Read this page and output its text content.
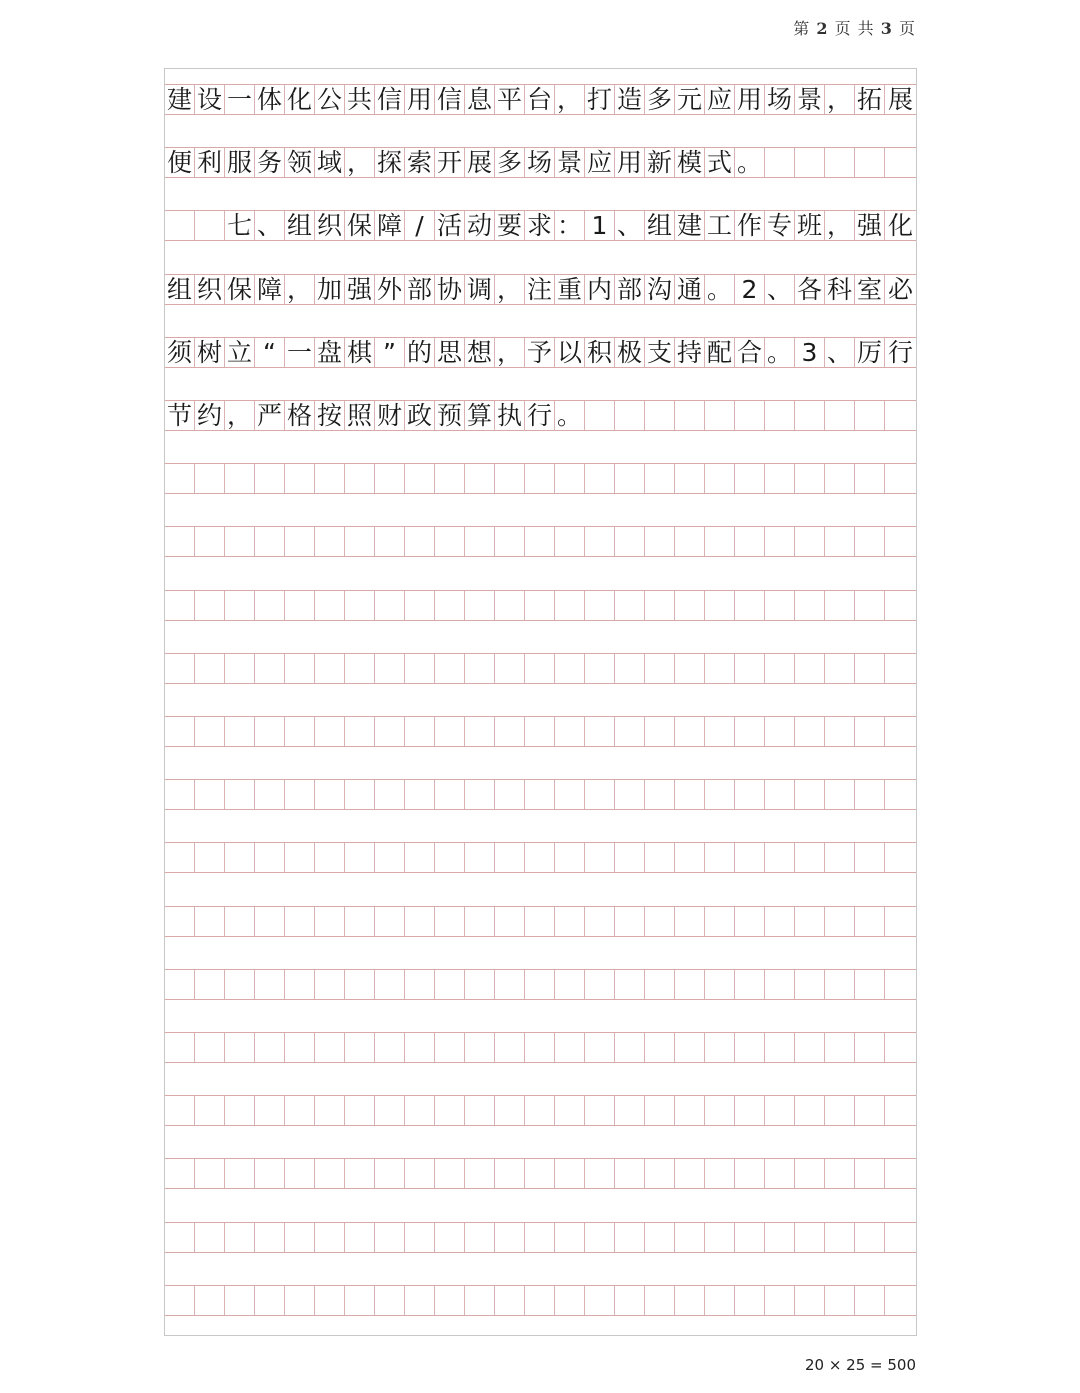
第 2 页 共 3 页
建 设 一 体 化 公 共 信 用 信 息 平 台 ， 打 造 多 元 应 用 场 景 ， 拓 展
便 利 服 务 领 域 ， 探 索 开 展 多 场 景 应 用 新 模 式 。
七 、 组 织 保 障 / 活 动 要 求 ： 1 、 组 建 工 作 专 班 ， 强 化
组 织 保 障 ， 加 强 外 部 协 调 ， 注 重 内 部 沟 通 。 2 、 各 科 室 必
须 树 立 “ 一 盘 棋 ” 的 思 想 ， 予 以 积 极 支 持 配 合 。 3 、 厉 行
节 约 ， 严 格 按 照 财 政 预 算 执 行 。
20 × 25 = 500
